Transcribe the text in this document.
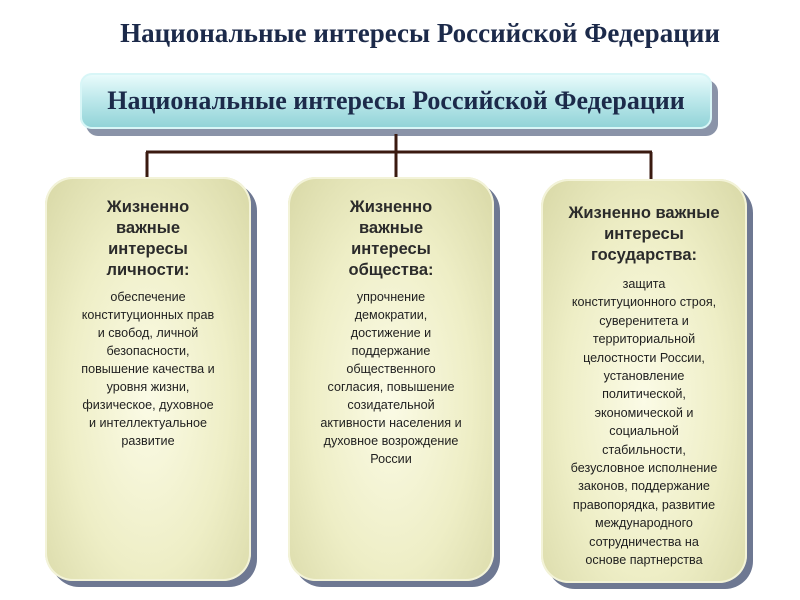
Национальные интересы Российской Федерации
Национальные интересы Российской Федерации
Жизненно
важные
интересы
личности:
обеспечение
конституционных прав
и свобод, личной
безопасности,
повышение качества и
уровня жизни,
физическое, духовное
и интеллектуальное
развитие
Жизненно
важные
интересы
общества:
упрочнение
демократии,
достижение и
поддержание
общественного
согласия, повышение
созидательной
активности населения и
духовное возрождение
России
Жизненно важные
интересы
государства:
защита
конституционного строя,
суверенитета и
территориальной
целостности России,
установление
политической,
экономической и
социальной
стабильности,
безусловное исполнение
законов, поддержание
правопорядка, развитие
международного
сотрудничества на
основе партнерства
